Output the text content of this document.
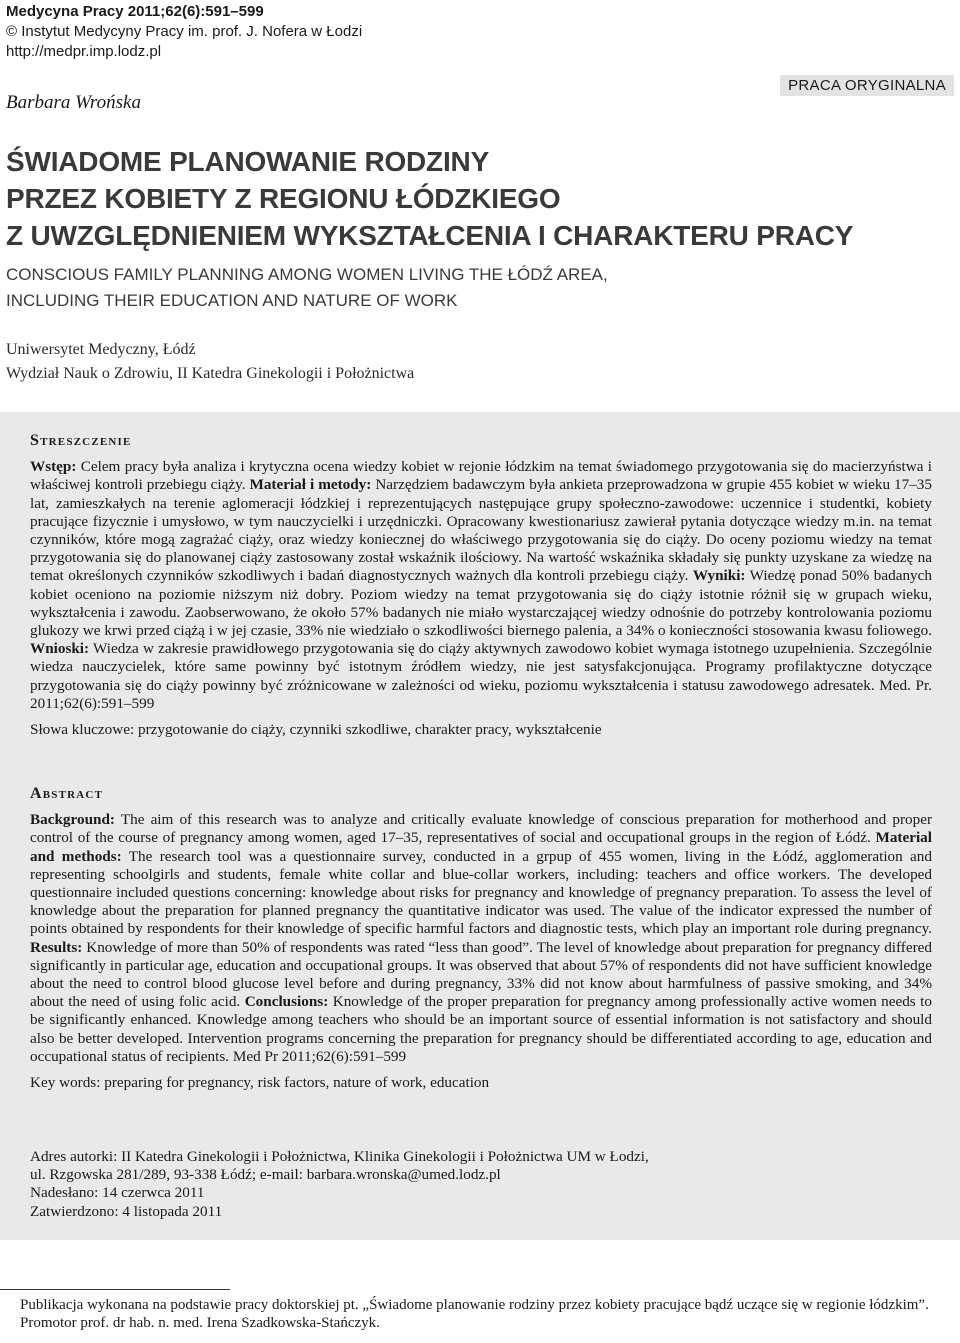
Medycyna Pracy 2011;62(6):591–599
© Instytut Medycyny Pracy im. prof. J. Nofera w Łodzi
http://medpr.imp.lodz.pl
Barbara Wrońska
PRACA ORYGINALNA
ŚWIADOME PLANOWANIE RODZINY
PRZEZ KOBIETY Z REGIONU ŁÓDZKIEGO
Z UWZGLĘDNIENIEM WYKSZTAŁCENIA I CHARAKTERU PRACY
CONSCIOUS FAMILY PLANNING AMONG WOMEN LIVING THE ŁÓDŹ AREA,
INCLUDING THEIR EDUCATION AND NATURE OF WORK
Uniwersytet Medyczny, Łódź
Wydział Nauk o Zdrowiu, II Katedra Ginekologii i Położnictwa
Streszczenie
Wstęp: Celem pracy była analiza i krytyczna ocena wiedzy kobiet w rejonie łódzkim na temat świadomego przygotowania się do macierzyństwa i właściwej kontroli przebiegu ciąży. Materiał i metody: Narzędziem badawczym była ankieta przeprowadzona w grupie 455 kobiet w wieku 17–35 lat, zamieszkałych na terenie aglomeracji łódzkiej i reprezentujących następujące grupy społeczno-zawodowe: uczennice i studentki, kobiety pracujące fizycznie i umysłowo, w tym nauczycielki i urzędniczki. Opracowany kwestionariusz zawierał pytania dotyczące wiedzy m.in. na temat czynników, które mogą zagrażać ciąży, oraz wiedzy koniecznej do właściwego przygotowania się do ciąży. Do oceny poziomu wiedzy na temat przygotowania się do planowanej ciąży zastosowany został wskaźnik ilościowy. Na wartość wskaźnika składały się punkty uzyskane za wiedzę na temat określonych czynników szkodliwych i badań diagnostycznych ważnych dla kontroli przebiegu ciąży. Wyniki: Wiedzę ponad 50% badanych kobiet oceniono na poziomie niższym niż dobry. Poziom wiedzy na temat przygotowania się do ciąży istotnie różnił się w grupach wieku, wykształcenia i zawodu. Zaobserwowano, że około 57% badanych nie miało wystarczającej wiedzy odnośnie do potrzeby kontrolowania poziomu glukozy we krwi przed ciążą i w jej czasie, 33% nie wiedziało o szkodliwości biernego palenia, a 34% o konieczności stosowania kwasu foliowego. Wnioski: Wiedza w zakresie prawidłowego przygotowania się do ciąży aktywnych zawodowo kobiet wymaga istotnego uzupełnienia. Szczególnie wiedza nauczycielek, które same powinny być istotnym źródłem wiedzy, nie jest satysfakcjonująca. Programy profilaktyczne dotyczące przygotowania się do ciąży powinny być zróżnicowane w zależności od wieku, poziomu wykształcenia i statusu zawodowego adresatek. Med. Pr. 2011;62(6):591–599
Słowa kluczowe: przygotowanie do ciąży, czynniki szkodliwe, charakter pracy, wykształcenie
Abstract
Background: The aim of this research was to analyze and critically evaluate knowledge of conscious preparation for motherhood and proper control of the course of pregnancy among women, aged 17–35, representatives of social and occupational groups in the region of Łódź. Material and methods: The research tool was a questionnaire survey, conducted in a grpup of 455 women, living in the Łódź, agglomeration and representing schoolgirls and students, female white collar and blue-collar workers, including: teachers and office workers. The developed questionnaire included questions concerning: knowledge about risks for pregnancy and knowledge of pregnancy preparation. To assess the level of knowledge about the preparation for planned pregnancy the quantitative indicator was used. The value of the indicator expressed the number of points obtained by respondents for their knowledge of specific harmful factors and diagnostic tests, which play an important role during pregnancy. Results: Knowledge of more than 50% of respondents was rated “less than good”. The level of knowledge about preparation for pregnancy differed significantly in particular age, education and occupational groups. It was observed that about 57% of respondents did not have sufficient knowledge about the need to control blood glucose level before and during pregnancy, 33% did not know about harmfulness of passive smoking, and 34% about the need of using folic acid. Conclusions: Knowledge of the proper preparation for pregnancy among professionally active women needs to be significantly enhanced. Knowledge among teachers who should be an important source of essential information is not satisfactory and should also be better developed. Intervention programs concerning the preparation for pregnancy should be differentiated according to age, education and occupational status of recipients. Med Pr 2011;62(6):591–599
Key words: preparing for pregnancy, risk factors, nature of work, education
Adres autorki: II Katedra Ginekologii i Położnictwa, Klinika Ginekologii i Położnictwa UM w Łodzi,
ul. Rzgowska 281/289, 93-338 Łódź; e-mail: barbara.wronska@umed.lodz.pl
Nadesłano: 14 czerwca 2011
Zatwierdzono: 4 listopada 2011

Publikacja wykonana na podstawie pracy doktorskiej pt. „Świadome planowanie rodziny przez kobiety pracujące bądź uczące się w regionie łódzkim”. Promotor prof. dr hab. n. med. Irena Szadkowska-Stańczyk.
